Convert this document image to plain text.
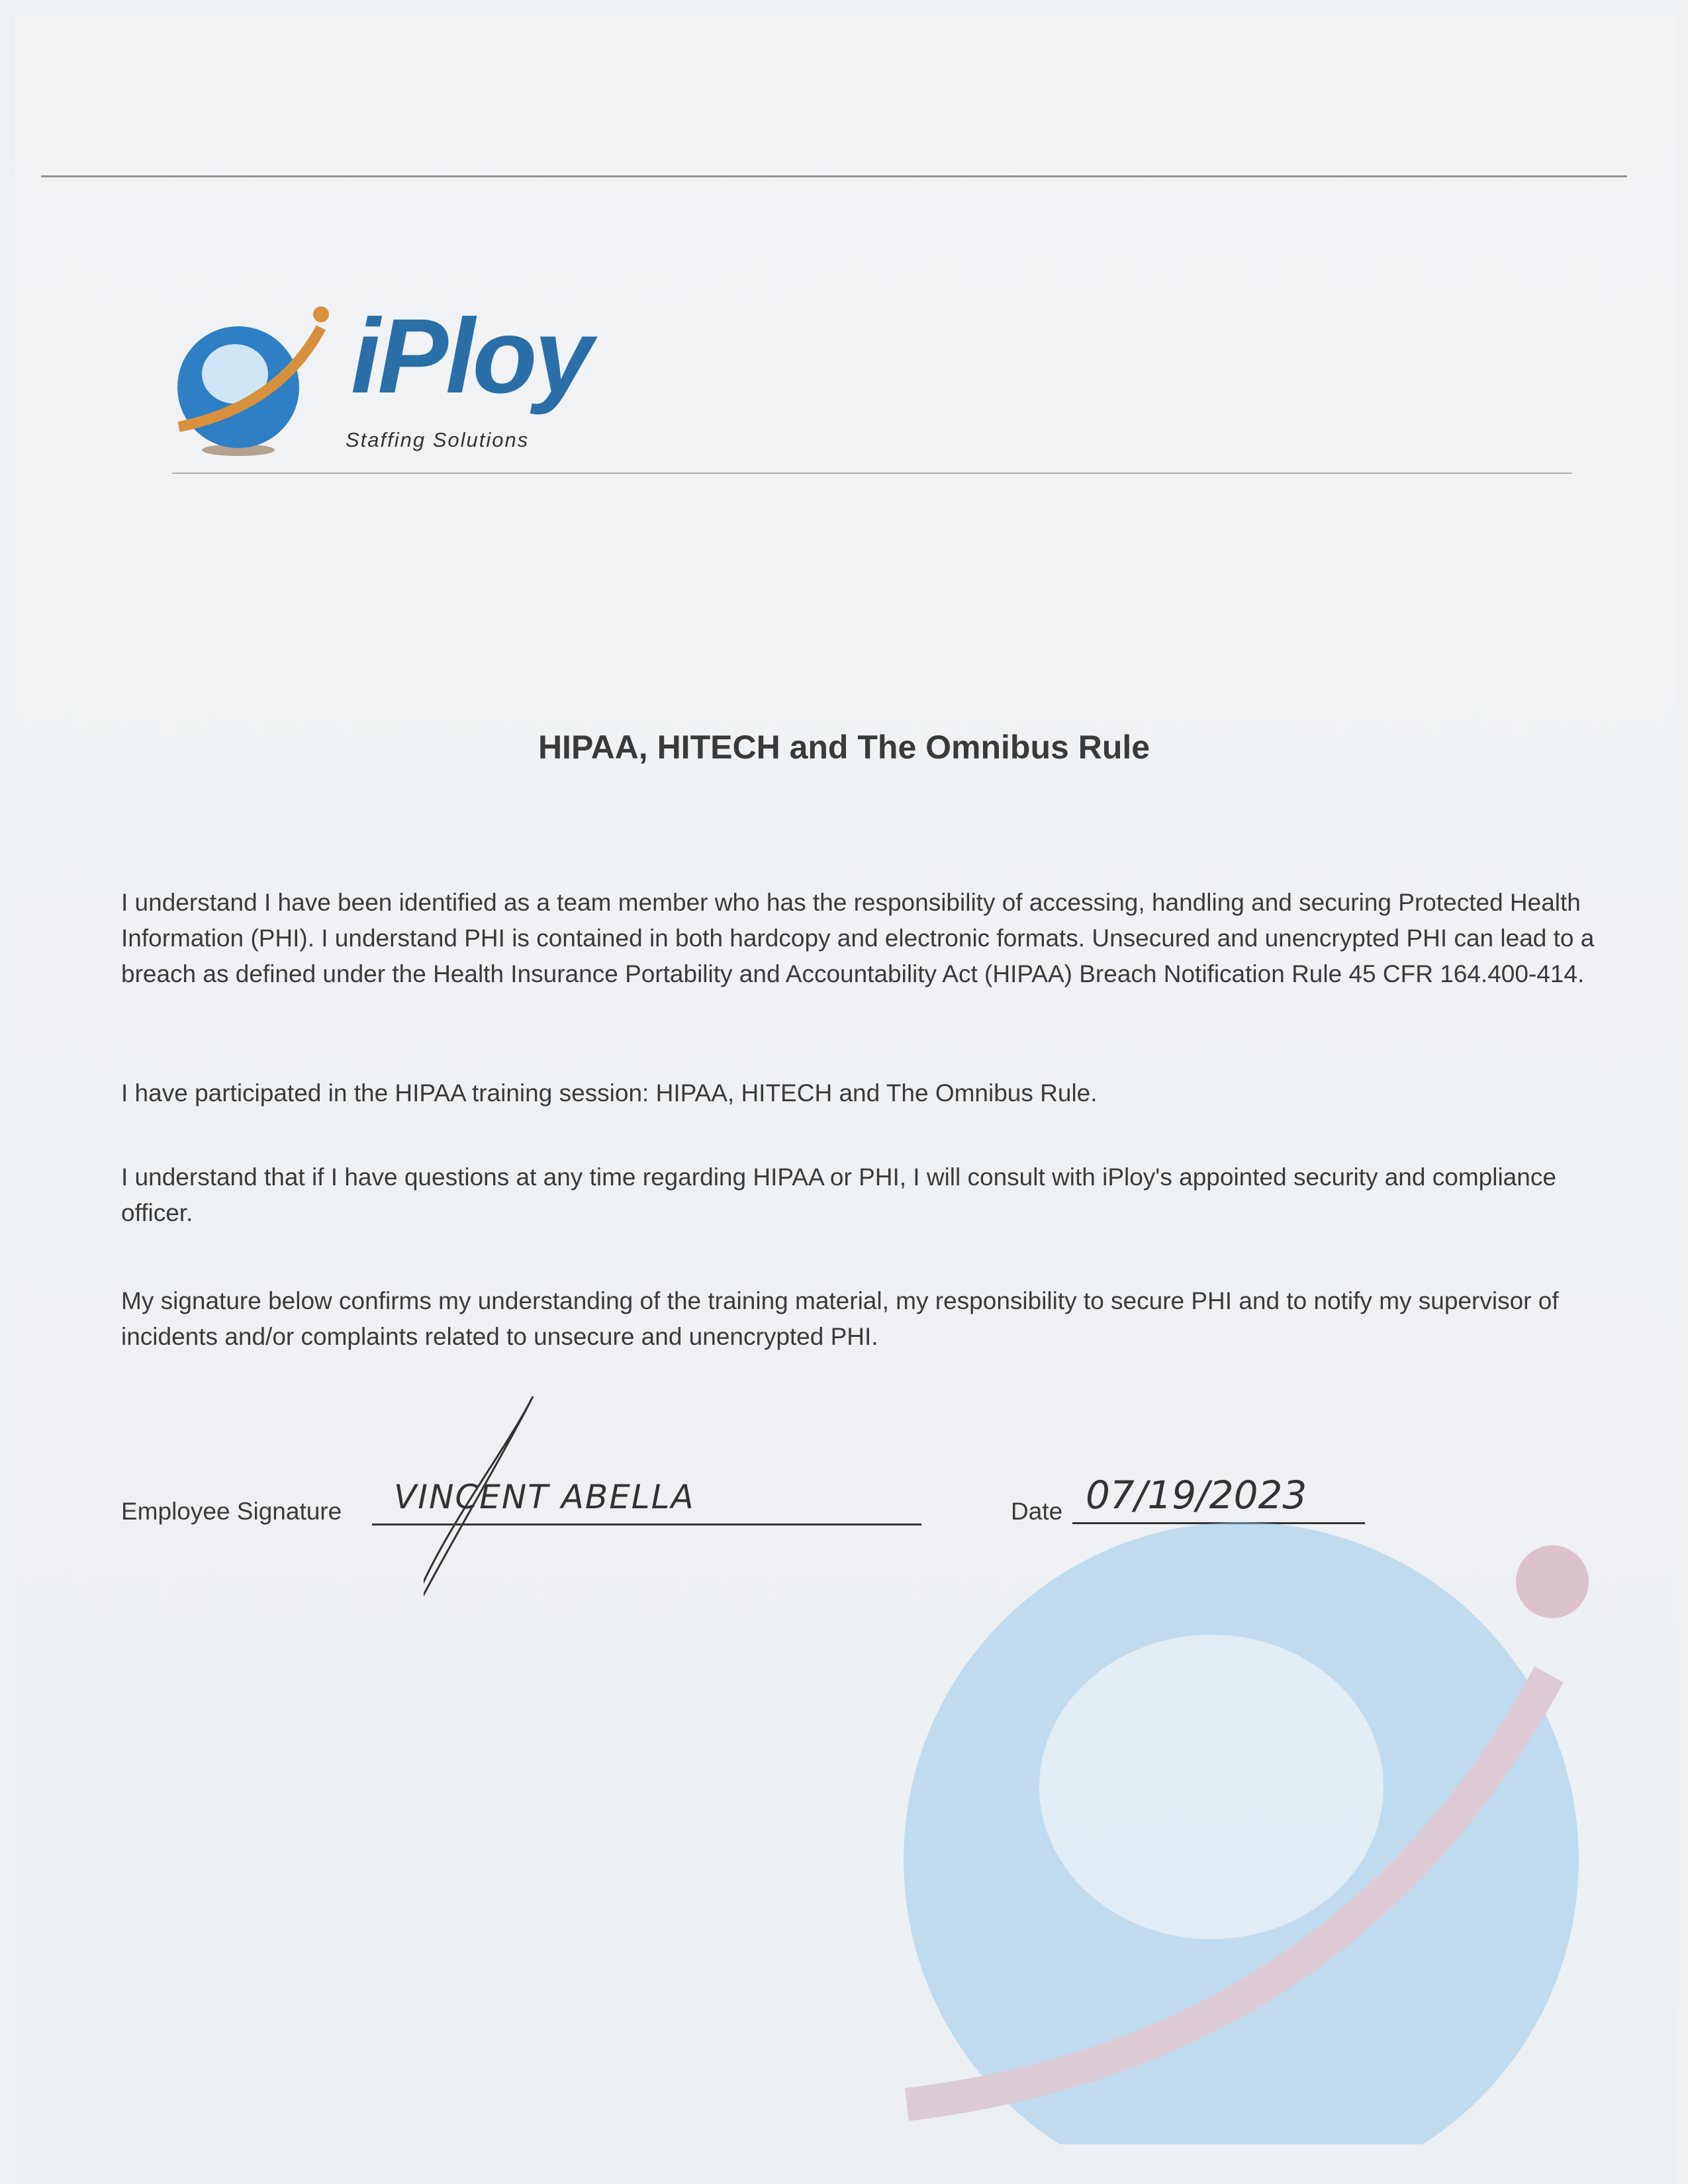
iPloy
Staffing Solutions
HIPAA, HITECH and The Omnibus Rule
I understand I have been identified as a team member who has the responsibility of accessing, handling and securing Protected Health Information (PHI). I understand PHI is contained in both hardcopy and electronic formats. Unsecured and unencrypted PHI can lead to a breach as defined under the Health Insurance Portability and Accountability Act (HIPAA) Breach Notification Rule 45 CFR 164.400-414.
I have participated in the HIPAA training session: HIPAA, HITECH and The Omnibus Rule.
I understand that if I have questions at any time regarding HIPAA or PHI, I will consult with iPloy's appointed security and compliance officer.
My signature below confirms my understanding of the training material, my responsibility to secure PHI and to notify my supervisor of incidents and/or complaints related to unsecure and unencrypted PHI.
Employee Signature VINCENT ABELLA	Date 07/19/2023
